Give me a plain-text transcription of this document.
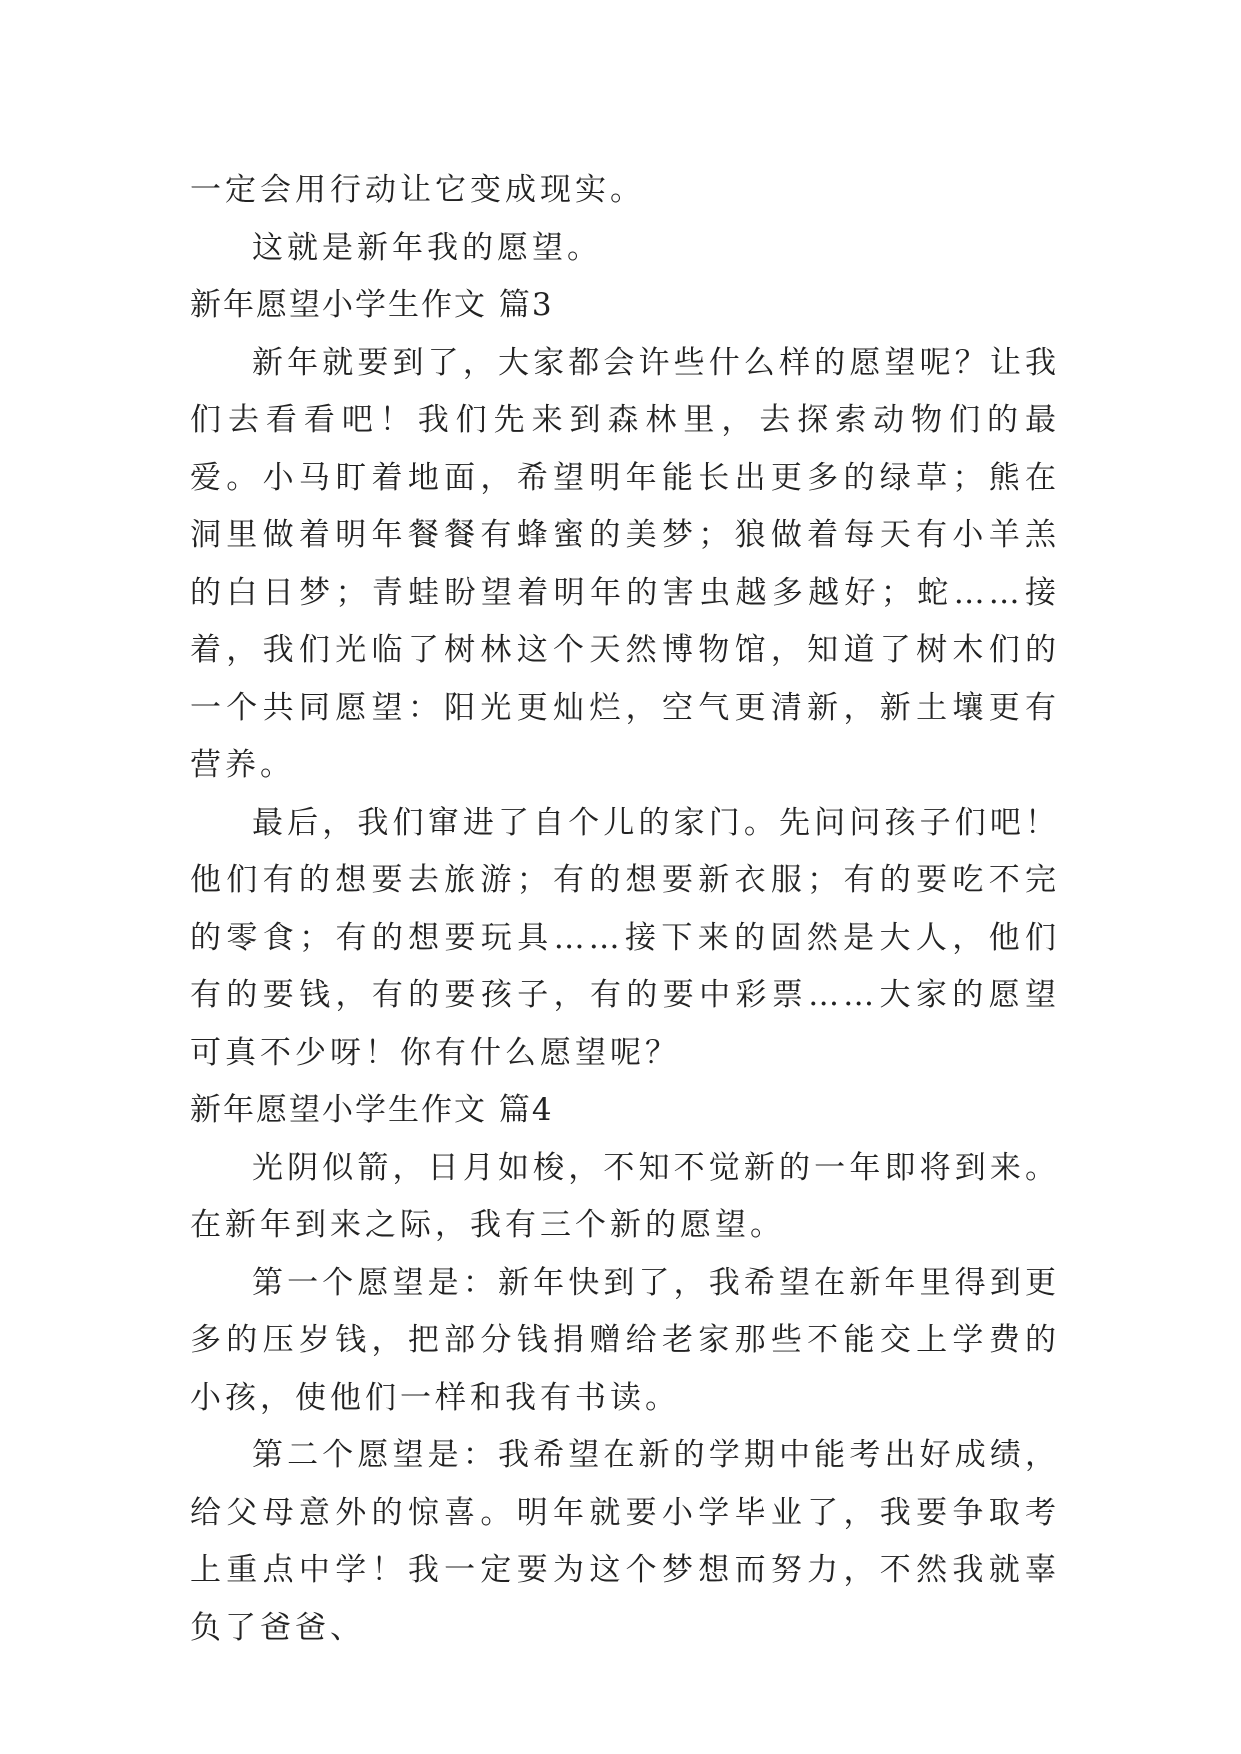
一定会用行动让它变成现实。

这就是新年我的愿望。

新年愿望小学生作文 篇3

新年就要到了，大家都会许些什么样的愿望呢？让我们去看看吧！我们先来到森林里，去探索动物们的最爱。小马盯着地面，希望明年能长出更多的绿草；熊在洞里做着明年餐餐有蜂蜜的美梦；狼做着每天有小羊羔的白日梦；青蛙盼望着明年的害虫越多越好；蛇……接着，我们光临了树林这个天然博物馆，知道了树木们的一个共同愿望：阳光更灿烂，空气更清新，新土壤更有营养。

最后，我们窜进了自个儿的家门。先问问孩子们吧！他们有的想要去旅游；有的想要新衣服；有的要吃不完的零食；有的想要玩具……接下来的固然是大人，他们有的要钱，有的要孩子，有的要中彩票……大家的愿望可真不少呀！你有什么愿望呢？

新年愿望小学生作文 篇4

光阴似箭，日月如梭，不知不觉新的一年即将到来。在新年到来之际，我有三个新的愿望。

第一个愿望是：新年快到了，我希望在新年里得到更多的压岁钱，把部分钱捐赠给老家那些不能交上学费的小孩，使他们一样和我有书读。

第二个愿望是：我希望在新的学期中能考出好成绩，给父母意外的惊喜。明年就要小学毕业了，我要争取考上重点中学！我一定要为这个梦想而努力，不然我就辜负了爸爸、
